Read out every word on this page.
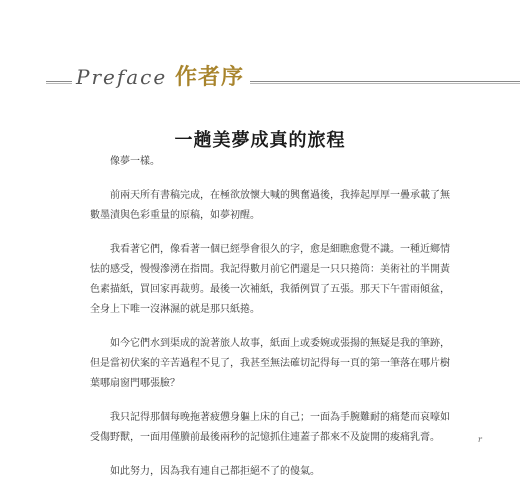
Preface 作者序
一趟美夢成真的旅程

像夢一樣。

前兩天所有書稿完成，在極欲放懷大喊的興奮過後，我捧起厚厚一疊承載了無數墨漬與色彩重量的原稿，如夢初醒。

我看著它們，像看著一個已經學會很久的字，愈是細瞧愈覺不識。一種近鄉情怯的感受，慢慢滲湧在指間。我記得數月前它們還是一只只捲筒：美術社的半開黃色素描紙，買回家再裁剪。最後一次補紙，我循例買了五張。那天下午雷雨傾盆，全身上下唯一沒淋濕的就是那只紙捲。

如今它們水到渠成的說著旅人故事，紙面上或委婉或張揚的無疑是我的筆跡，但是當初伏案的辛苦過程不見了，我甚至無法確切記得每一頁的第一筆落在哪片樹葉哪扇窗門哪張臉？

我只記得那個每晚拖著疲憊身軀上床的自己；一面為手腕難耐的痛楚而哀嚎如受傷野獸，一面用僅賸前最後兩秒的記憶抓住連蓋子都來不及旋開的痠痛乳膏。

如此努力，因為我有連自己都拒絕不了的傻氣。

r
